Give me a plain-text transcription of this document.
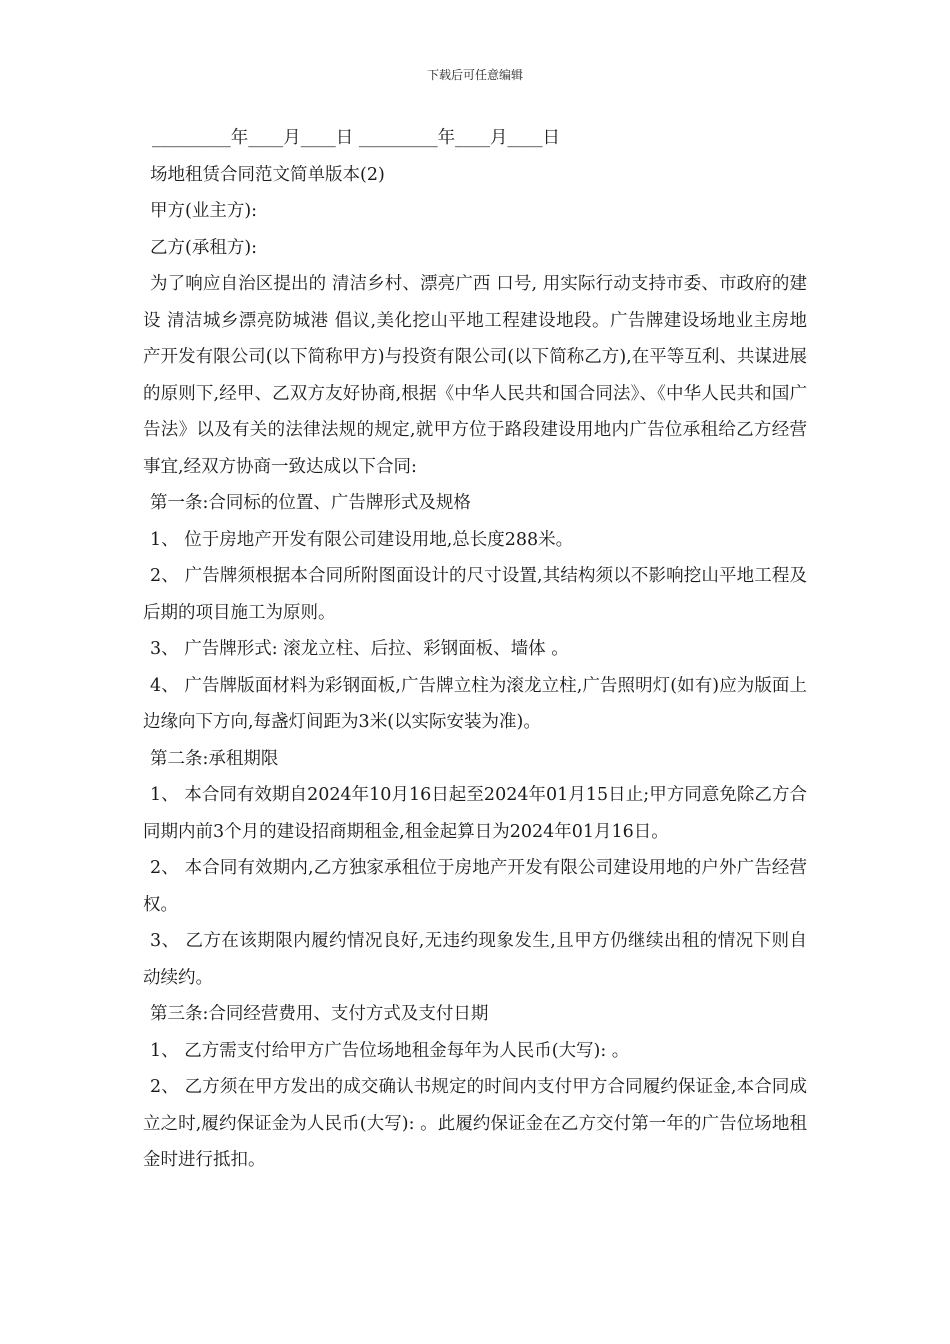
下载后可任意编辑

_________年____月____日 _________年____月____日

场地租赁合同范文简单版本(2)

甲方(业主方):

乙方(承租方):

为了响应自治区提出的 清洁乡村、漂亮广西 口号, 用实际行动支持市委、市政府的建设 清洁城乡漂亮防城港 倡议,美化挖山平地工程建设地段。广告牌建设场地业主房地产开发有限公司(以下简称甲方)与投资有限公司(以下简称乙方),在平等互利、共谋进展的原则下,经甲、乙双方友好协商,根据《中华人民共和国合同法》、《中华人民共和国广告法》以及有关的法律法规的规定,就甲方位于路段建设用地内广告位承租给乙方经营事宜,经双方协商一致达成以下合同:

第一条:合同标的位置、广告牌形式及规格

1、 位于房地产开发有限公司建设用地,总长度288米。

2、 广告牌须根据本合同所附图面设计的尺寸设置,其结构须以不影响挖山平地工程及后期的项目施工为原则。

3、 广告牌形式: 滚龙立柱、后拉、彩钢面板、墙体 。

4、 广告牌版面材料为彩钢面板,广告牌立柱为滚龙立柱,广告照明灯(如有)应为版面上边缘向下方向,每盏灯间距为3米(以实际安装为准)。

第二条:承租期限

1、 本合同有效期自2024年10月16日起至2024年01月15日止;甲方同意免除乙方合同期内前3个月的建设招商期租金,租金起算日为2024年01月16日。

2、 本合同有效期内,乙方独家承租位于房地产开发有限公司建设用地的户外广告经营权。

3、 乙方在该期限内履约情况良好,无违约现象发生,且甲方仍继续出租的情况下则自动续约。

第三条:合同经营费用、支付方式及支付日期

1、 乙方需支付给甲方广告位场地租金每年为人民币(大写): 。

2、 乙方须在甲方发出的成交确认书规定的时间内支付甲方合同履约保证金,本合同成立之时,履约保证金为人民币(大写): 。此履约保证金在乙方交付第一年的广告位场地租金时进行抵扣。
